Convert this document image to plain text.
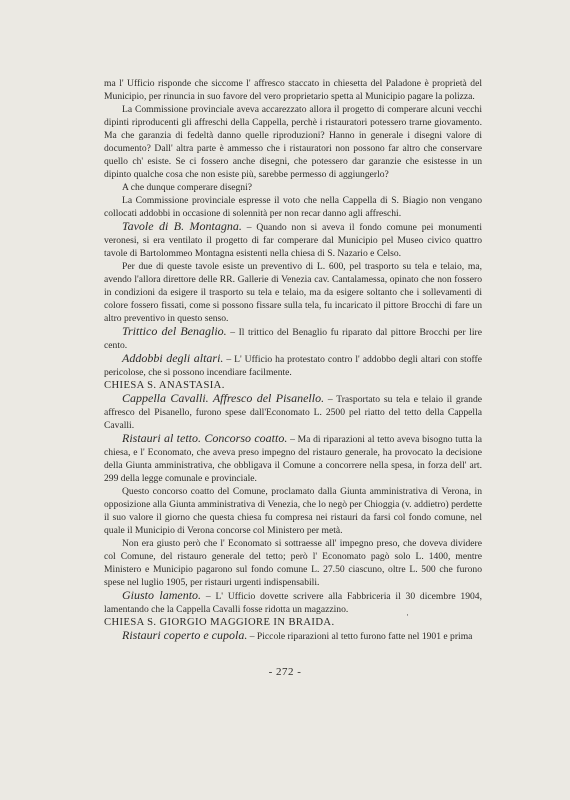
ma l' Ufficio risponde che siccome l' affresco staccato in chiesetta del Paladone è proprietà del Municipio, per rinuncia in suo favore del vero proprietario spetta al Municipio pagare la polizza.

La Commissione provinciale aveva accarezzato allora il progetto di comperare alcuni vecchi dipinti riproducenti gli affreschi della Cappella, perchè i ristauratori potessero trarne giovamento. Ma che garanzia di fedeltà danno quelle riproduzioni? Hanno in generale i disegni valore di documento? Dall' altra parte è ammesso che i ristauratori non possono far altro che conservare quello ch' esiste. Se ci fossero anche disegni, che potessero dar garanzie che esistesse in un dipinto qualche cosa che non esiste più, sarebbe permesso di aggiungerlo?

A che dunque comperare disegni?

La Commissione provinciale espresse il voto che nella Cappella di S. Biagio non vengano collocati addobbi in occasione di solennità per non recar danno agli affreschi.

Tavole di B. Montagna. – Quando non si aveva il fondo comune pei monumenti veronesi, si era ventilato il progetto di far comperare dal Municipio pel Museo civico quattro tavole di Bartolommeo Montagna esistenti nella chiesa di S. Nazario e Celso.

Per due di queste tavole esiste un preventivo di L. 600, pel trasporto su tela e telaio, ma, avendo l'allora direttore delle RR. Gallerie di Venezia cav. Cantalamessa, opinato che non fossero in condizioni da esigere il trasporto su tela e telaio, ma da esigere soltanto che i sollevamenti di colore fossero fissati, come si possono fissare sulla tela, fu incaricato il pittore Brocchi di fare un altro preventivo in questo senso.

Trittico del Benaglio. – Il trittico del Benaglio fu riparato dal pittore Brocchi per lire cento.

Addobbi degli altari. – L' Ufficio ha protestato contro l' addobbo degli altari con stoffe pericolose, che si possono incendiare facilmente.

CHIESA S. ANASTASIA.

Cappella Cavalli. Affresco del Pisanello. – Trasportato su tela e telaio il grande affresco del Pisanello, furono spese dall'Economato L. 2500 pel riatto del tetto della Cappella Cavalli.

Ristauri al tetto. Concorso coatto. – Ma di riparazioni al tetto aveva bisogno tutta la chiesa, e l' Economato, che aveva preso impegno del ristauro generale, ha provocato la decisione della Giunta amministrativa, che obbligava il Comune a concorrere nella spesa, in forza dell' art. 299 della legge comunale e provinciale.

Questo concorso coatto del Comune, proclamato dalla Giunta amministrativa di Verona, in opposizione alla Giunta amministrativa di Venezia, che lo negò per Chioggia (v. addietro) perdette il suo valore il giorno che questa chiesa fu compresa nei ristauri da farsi col fondo comune, nel quale il Municipio di Verona concorse col Ministero per metà.

Non era giusto però che l' Economato si sottraesse all' impegno preso, che doveva dividere col Comune, del ristauro generale del tetto; però l' Economato pagò solo L. 1400, mentre Ministero e Municipio pagarono sul fondo comune L. 27.50 ciascuno, oltre L. 500 che furono spese nel luglio 1905, per ristauri urgenti indispensabili.

Giusto lamento. – L' Ufficio dovette scrivere alla Fabbriceria il 30 dicembre 1904, lamentando che la Cappella Cavalli fosse ridotta un magazzino.

CHIESA S. GIORGIO MAGGIORE IN BRAIDA.

Ristauri coperto e cupola. – Piccole riparazioni al tetto furono fatte nel 1901 e prima

- 272 -
·
